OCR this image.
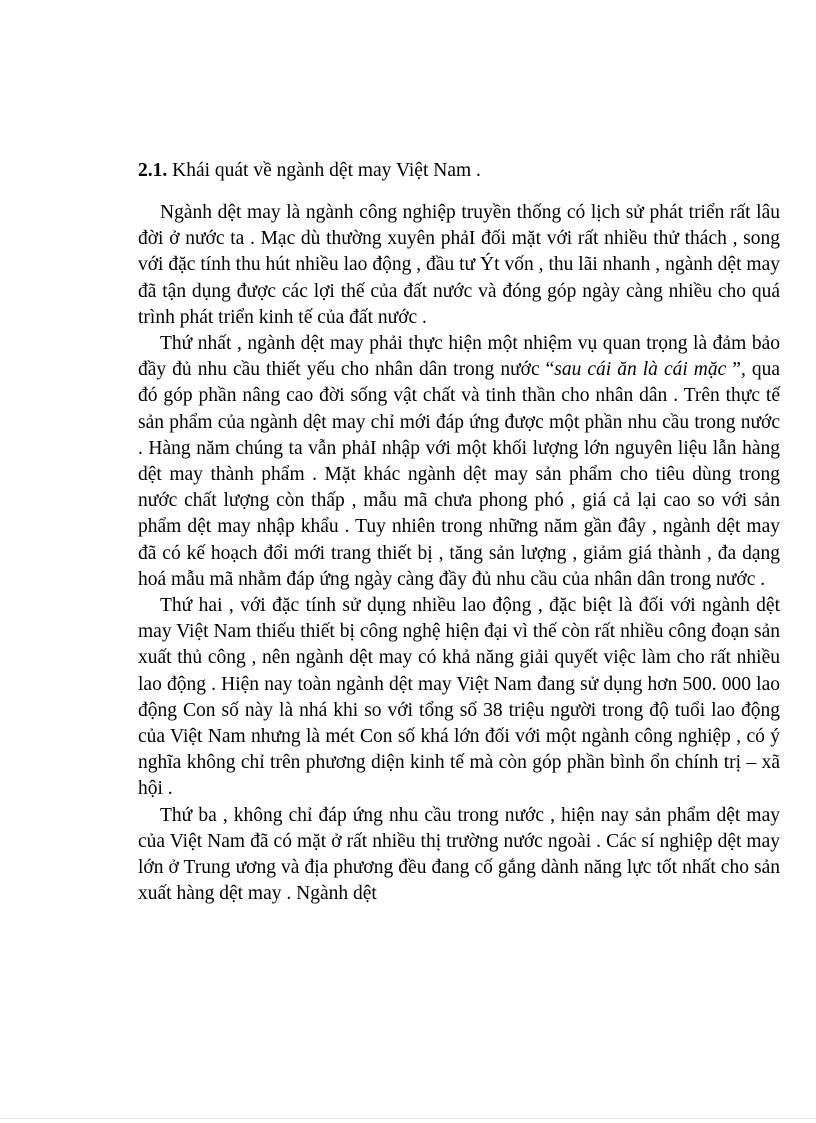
2.1. Khái quát về ngành dệt may Việt Nam .

Ngành dệt may là ngành công nghiệp truyền thống có lịch sử phát triển rất lâu đời ở nước ta . Mạc dù thường xuyên phảI đối mặt với rất nhiều thử thách , song với đặc tính thu hút nhiều lao động , đầu tư Ýt vốn , thu lãi nhanh , ngành dệt may đã tận dụng được các lợi thế của đất nước và đóng góp ngày càng nhiều cho quá trình phát triển kinh tế của đất nước .

Thứ nhất , ngành dệt may phải thực hiện một nhiệm vụ quan trọng là đảm bảo đầy đủ nhu cầu thiết yếu cho nhân dân trong nước “sau cái ăn là cái mặc ”, qua đó góp phần nâng cao đời sống vật chất và tinh thần cho nhân dân . Trên thực tế sản phẩm của ngành dệt may chỉ mới đáp ứng được một phần nhu cầu trong nước . Hàng năm chúng ta vẫn phảI nhập với một khối lượng lớn nguyên liệu lẫn hàng dệt may thành phẩm . Mặt khác ngành dệt may sản phẩm cho tiêu dùng trong nước chất lượng còn thấp , mẫu mã chưa phong phó , giá cả lại cao so với sản phẩm dệt may nhập khẩu . Tuy nhiên trong những năm gần đây , ngành dệt may đã có kế hoạch đổi mới trang thiết bị , tăng sản lượng , giảm giá thành , đa dạng hoá mẫu mã nhằm đáp ứng ngày càng đầy đủ nhu cầu của nhân dân trong nước .

Thứ hai , với đặc tính sử dụng nhiều lao động , đặc biệt là đối với ngành dệt may Việt Nam thiếu thiết bị công nghệ hiện đại vì thế còn rất nhiều công đoạn sản xuất thủ công , nên ngành dệt may có khả năng giải quyết việc làm cho rất nhiều lao động . Hiện nay toàn ngành dệt may Việt Nam đang sử dụng hơn 500. 000 lao động Con số này là nhá khi so với tổng số 38 triệu người trong độ tuổi lao động của Việt Nam nhưng là mét Con số khá lớn đối với một ngành công nghiệp , có ý nghĩa không chỉ trên phương diện kinh tế mà còn góp phần bình ổn chính trị – xã hội .

Thứ ba , không chỉ đáp ứng nhu cầu trong nước , hiện nay sản phẩm dệt may của Việt Nam đã có mặt ở rất nhiều thị trường nước ngoài . Các sí nghiệp dệt may lớn ở Trung ương và địa phương đều đang cố gắng dành năng lực tốt nhất cho sản xuất hàng dệt may . Ngành dệt
